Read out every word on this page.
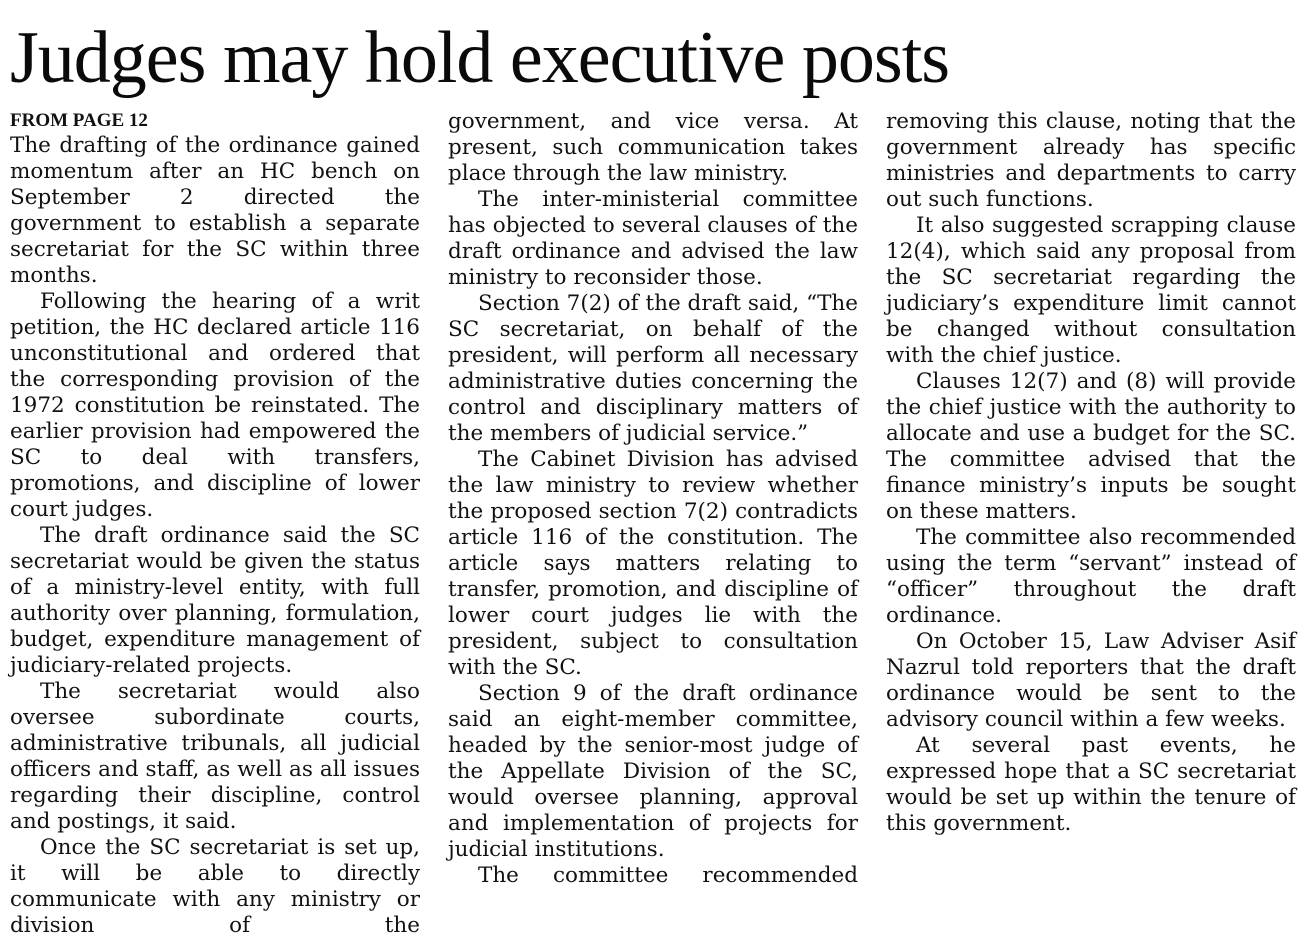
Judges may hold executive posts
FROM PAGE 12

The drafting of the ordinance gained momentum after an HC bench on September 2 directed the government to establish a separate secretariat for the SC within three months.

Following the hearing of a writ petition, the HC declared article 116 unconstitutional and ordered that the corresponding provision of the 1972 constitution be reinstated. The earlier provision had empowered the SC to deal with transfers, promotions, and discipline of lower court judges.

The draft ordinance said the SC secretariat would be given the status of a ministry-level entity, with full authority over planning, formulation, budget, expenditure management of judiciary-related projects.

The secretariat would also oversee subordinate courts, administrative tribunals, all judicial officers and staff, as well as all issues regarding their discipline, control and postings, it said.

Once the SC secretariat is set up, it will be able to directly communicate with any ministry or division of the

government, and vice versa. At present, such communication takes place through the law ministry.

The inter-ministerial committee has objected to several clauses of the draft ordinance and advised the law ministry to reconsider those.

Section 7(2) of the draft said, “The SC secretariat, on behalf of the president, will perform all necessary administrative duties concerning the control and disciplinary matters of the members of judicial service.”

The Cabinet Division has advised the law ministry to review whether the proposed section 7(2) contradicts article 116 of the constitution. The article says matters relating to transfer, promotion, and discipline of lower court judges lie with the president, subject to consultation with the SC.

Section 9 of the draft ordinance said an eight-member committee, headed by the senior-most judge of the Appellate Division of the SC, would oversee planning, approval and implementation of projects for judicial institutions.

The committee recommended

removing this clause, noting that the government already has specific ministries and departments to carry out such functions.

It also suggested scrapping clause 12(4), which said any proposal from the SC secretariat regarding the judiciary’s expenditure limit cannot be changed without consultation with the chief justice.

Clauses 12(7) and (8) will provide the chief justice with the authority to allocate and use a budget for the SC. The committee advised that the finance ministry’s inputs be sought on these matters.

The committee also recommended using the term “servant” instead of “officer” throughout the draft ordinance.

On October 15, Law Adviser Asif Nazrul told reporters that the draft ordinance would be sent to the advisory council within a few weeks.

At several past events, he expressed hope that a SC secretariat would be set up within the tenure of this government.
